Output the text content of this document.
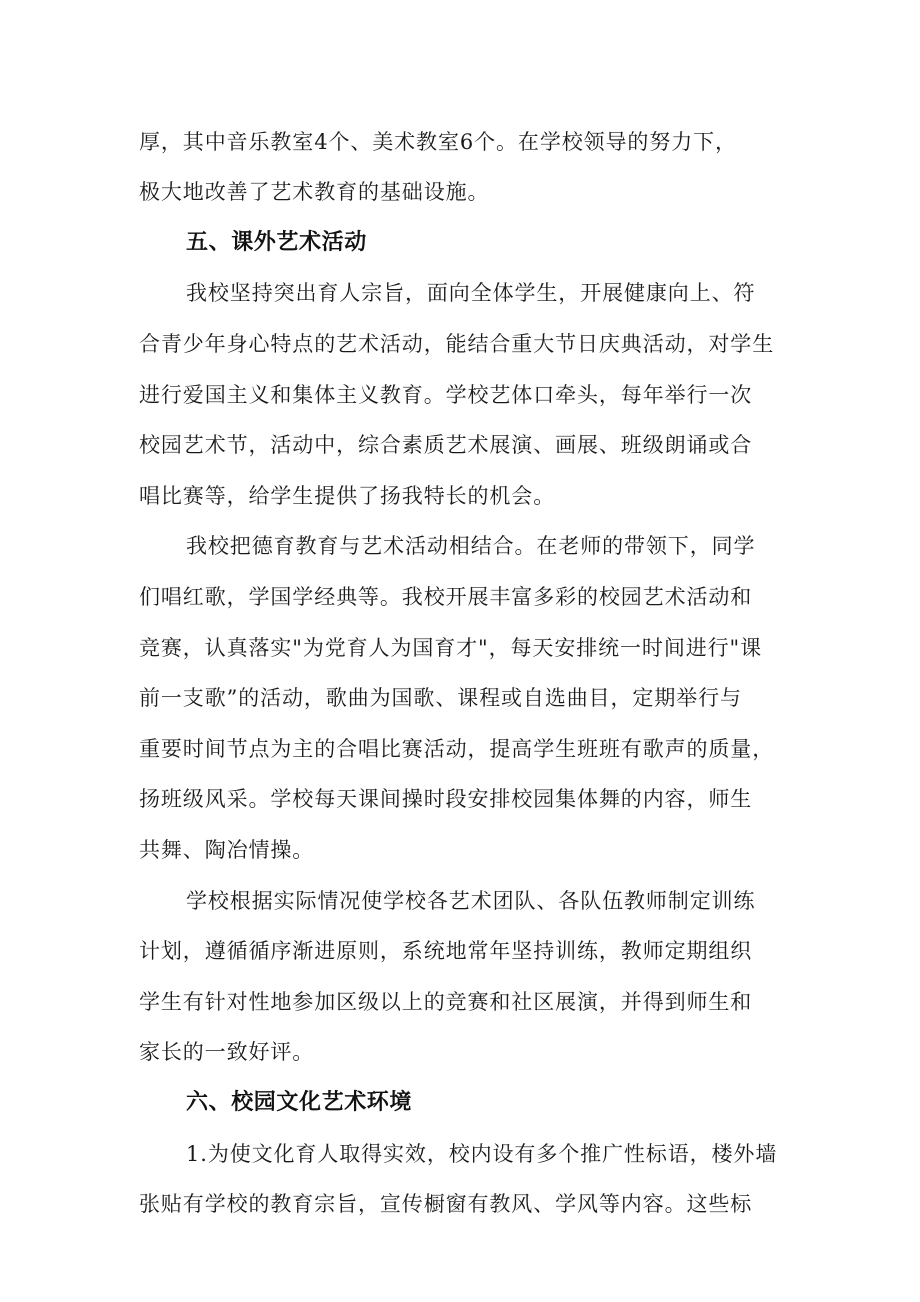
厚，其中音乐教室4个、美术教室6个。在学校领导的努力下，
极大地改善了艺术教育的基础设施。
五、课外艺术活动
我校坚持突出育人宗旨，面向全体学生，开展健康向上、符
合青少年身心特点的艺术活动，能结合重大节日庆典活动，对学生
进行爱国主义和集体主义教育。学校艺体口牵头，每年举行一次
校园艺术节，活动中，综合素质艺术展演、画展、班级朗诵或合
唱比赛等，给学生提供了扬我特长的机会。
我校把德育教育与艺术活动相结合。在老师的带领下，同学
们唱红歌，学国学经典等。我校开展丰富多彩的校园艺术活动和
竞赛，认真落实"为党育人为国育才"，每天安排统一时间进行"课
前一支歌”的活动，歌曲为国歌、课程或自选曲目，定期举行与
重要时间节点为主的合唱比赛活动，提高学生班班有歌声的质量，
扬班级风采。学校每天课间操时段安排校园集体舞的内容，师生
共舞、陶冶情操。
学校根据实际情况使学校各艺术团队、各队伍教师制定训练
计划，遵循循序渐进原则，系统地常年坚持训练，教师定期组织
学生有针对性地参加区级以上的竞赛和社区展演，并得到师生和
家长的一致好评。
六、校园文化艺术环境
1.为使文化育人取得实效，校内设有多个推广性标语，楼外墙
张贴有学校的教育宗旨，宣传橱窗有教风、学风等内容。这些标
